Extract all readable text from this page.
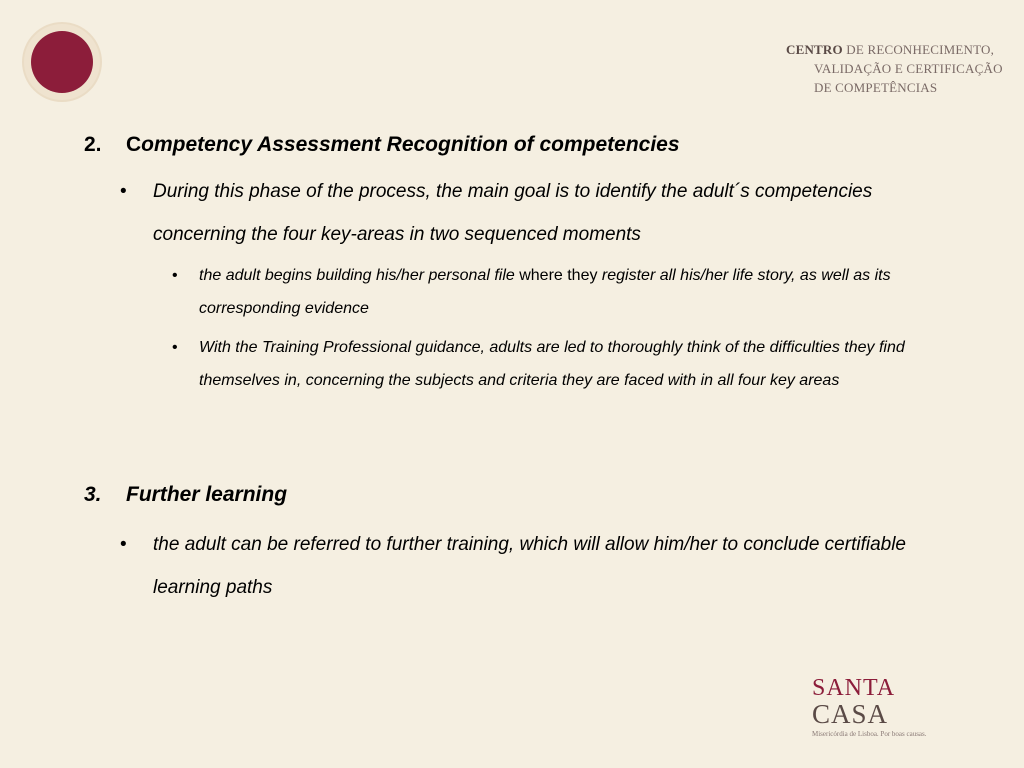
CENTRO DE RECONHECIMENTO,
VALIDAÇÃO E CERTIFICAÇÃO
DE COMPETÊNCIAS
2. Competency Assessment Recognition of competencies
• During this phase of the process, the main goal is to identify the adult´s competencies concerning the four key-areas in two sequenced moments
• the adult begins building his/her personal file where they register all his/her life story, as well as its corresponding evidence
• With the Training Professional guidance, adults are led to thoroughly think of the difficulties they find themselves in, concerning the subjects and criteria they are faced with in all four key areas
3. Further learning
• the adult can be referred to further training, which will allow him/her to conclude certifiable learning paths
SANTA
CASA
Misericórdia de Lisboa. Por boas causas.
